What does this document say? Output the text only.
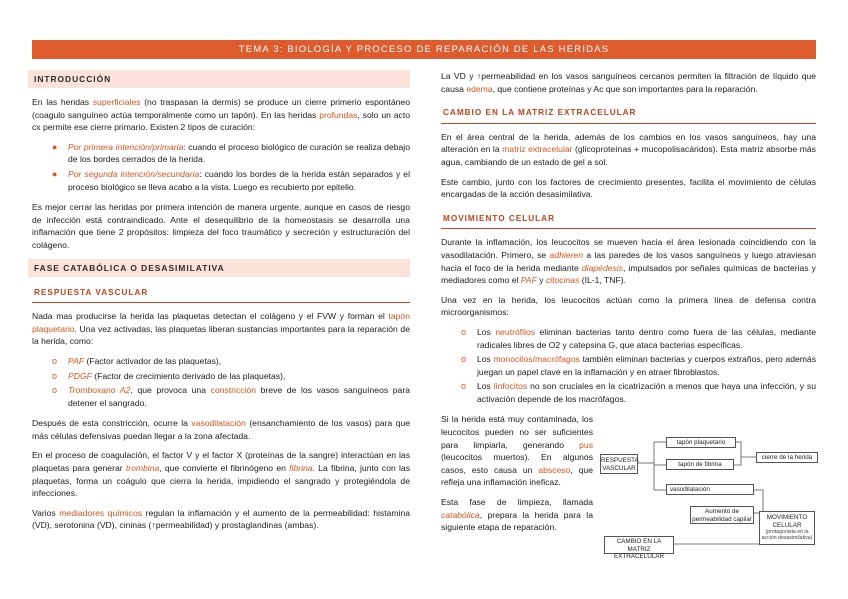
TEMA 3: BIOLOGÍA Y PROCESO DE REPARACIÓN DE LAS HERIDAS
INTRODUCCIÓN

En las heridas superficiales (no traspasan la dermis) se produce un cierre primerio espontáneo (coagulo sanguíneo actúa temporalmente como un tapón). En las heridas profundas, solo un acto cx permite ese cierre primario. Existen 2 tipos de curación:

● Por primera intención/primaria: cuando el proceso biológico de curación se realiza debajo de los bordes cerrados de la herida.
● Por segunda intención/secundaria: cuando los bordes de la herida están separados y el proceso biológico se lleva acabo a la vista. Luego es recubierto por epitelio.

Es mejor cerrar las heridas por primera intención de manera urgente, aunque en casos de riesgo de infección está contraindicado. Ante el desequilibrio de la homeostasis se desarrolla una inflamación que tiene 2 propósitos: limpieza del foco traumático y secreción y estructuración del colágeno.

FASE CATABÓLICA O DESASIMILATIVA
RESPUESTA VASCULAR

Nada mas producirse la herida las plaquetas detectan el colágeno y el FVW y forman el tapón plaquetario. Una vez activadas, las plaquetas liberan sustancias importantes para la reparación de la herida, como:

o PAF (Factor activador de las plaquetas),
o PDGF (Factor de crecimiento derivado de las plaquetas),
o Tromboxano A2, que provoca una constricción breve de los vasos sanguíneos para detener el sangrado.

Después de esta constricción, ocurre la vasodilatación (ensanchamiento de los vasos) para que más células defensivas puedan llegar a la zona afectada.

En el proceso de coagulación, el factor V y el factor X (proteínas de la sangre) interactúan en las plaquetas para generar trombina, que convierte el fibrinógeno en fibrina. La fibrina, junto con las plaquetas, forma un coágulo que cierra la herida, impidiendo el sangrado y protegiéndola de infecciones.

Varios mediadores químicos regulan la inflamación y el aumento de la permeabilidad: histamina (VD), serotonina (VD), cininas (↑permeabilidad) y prostaglandinas (ambas).

La VD y ↑permeabilidad en los vasos sanguíneos cercanos permiten la filtración de líquido que causa edema, que contiene proteínas y Ac que son importantes para la reparación.

CAMBIO EN LA MATRIZ EXTRACELULAR

En el área central de la herida, además de los cambios en los vasos sanguíneos, hay una alteración en la matriz extracelular (glicoproteínas + mucopolisacáridos). Esta matriz absorbe más agua, cambiando de un estado de gel a sol.

Este cambio, junto con los factores de crecimiento presentes, facilita el movimiento de células encargadas de la acción desasimilativa.

MOVIMIENTO CELULAR

Durante la inflamación, los leucocitos se mueven hacia el área lesionada coincidiendo con la vasodilatación. Primero, se adhieren a las paredes de los vasos sanguíneos y luego atraviesan hacia el foco de la herida mediante diapédesis, impulsados por señales químicas de bacterias y mediadores como el PAF y citocinas (IL-1, TNF).

Una vez en la herida, los leucocitos actúan como la primera línea de defensa contra microorganismos:

o Los neutrófilos eliminan bacterias tanto dentro como fuera de las células, mediante radicales libres de O2 y catepsina G, que ataca bacterias específicas.
o Los monocitos/macrófagos también eliminan bacterias y cuerpos extraños, pero además juegan un papel clave en la inflamación y en atraer fibroblastos.
o Los linfocitos no son cruciales en la cicatrización a menos que haya una infección, y su activación depende de los macrófagos.

Si la herida está muy contaminada, los leucocitos pueden no ser suficientes para limpiarla, generando pus (leucocitos muertos). En algunos casos, esto causa un absceso, que refleja una inflamación ineficaz.

Esta fase de limpieza, llamada catabólica, prepara la herida para la siguiente etapa de reparación.

RESPUESTA VASCULAR
tapón plaquetario
tapón de fibrina
cierre de la herida
vasodilatación
Aumento de permeabilidad capilar	MOVIMIENTO CELULAR
(protagonista en la acción desasimilativa)
CAMBIO EN LA MATRIZ EXTRACELULAR
